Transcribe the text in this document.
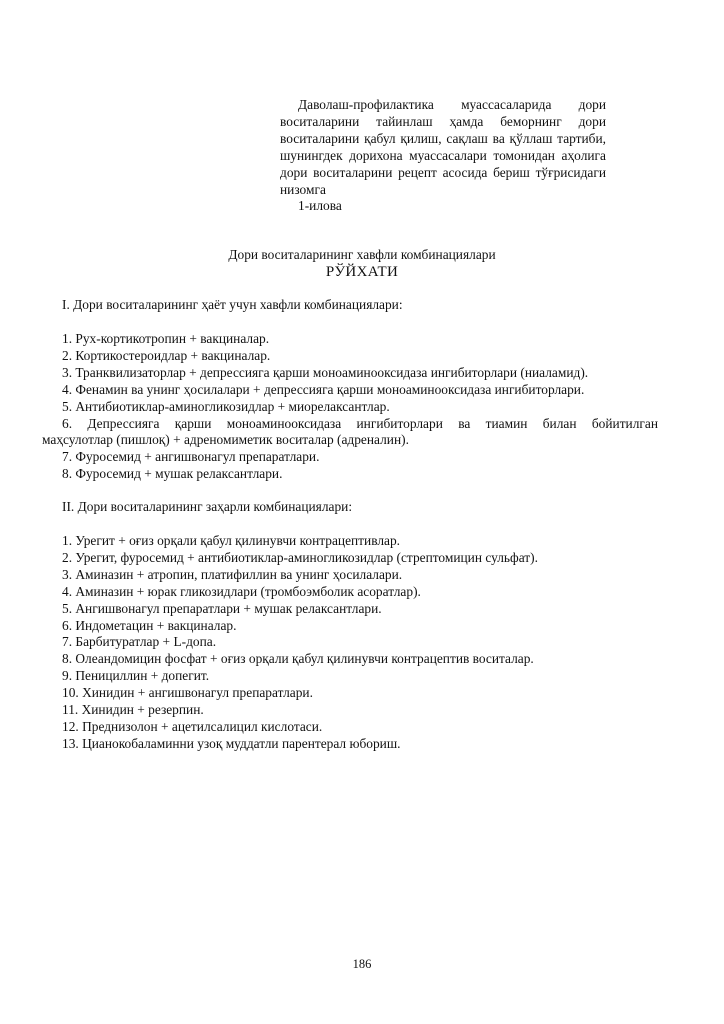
Даволаш-профилактика муассасаларида дори воситаларини тайинлаш ҳамда беморнинг дори воситаларини қабул қилиш, сақлаш ва қўллаш тартиби, шунингдек дорихона муассасалари томонидан аҳолига дори воситаларини рецепт асосида бериш тўғрисидаги низомга

1-илова

Дори воситаларининг хавфли комбинациялари

РЎЙХАТИ

I. Дори воситаларининг ҳаёт учун хавфли комбинациялари:

1. Рух-кортикотропин + вакциналар.
2. Кортикостероидлар + вакциналар.
3. Транквилизаторлар + депрессияга қарши моноаминооксидаза ингибиторлари (ниаламид).
4. Фенамин ва унинг ҳосилалари + депрессияга қарши моноаминооксидаза ингибиторлари.
5. Антибиотиклар-аминогликозидлар + миорелаксантлар.
6. Депрессияга қарши моноаминооксидаза ингибиторлари ва тиамин билан бойитилган
маҳсулотлар (пишлоқ) + адреномиметик воситалар (адреналин).
7. Фуросемид + ангишвонагул препаратлари.
8. Фуросемид + мушак релаксантлари.

II. Дори воситаларининг заҳарли комбинациялари:

1. Урегит + оғиз орқали қабул қилинувчи контрацептивлар.
2. Урегит, фуросемид + антибиотиклар-аминогликозидлар (стрептомицин сульфат).
3. Аминазин + атропин, платифиллин ва унинг ҳосилалари.
4. Аминазин + юрак гликозидлари (тромбоэмболик асоратлар).
5. Ангишвонагул препаратлари + мушак релаксантлари.
6. Индометацин + вакциналар.
7. Барбитуратлар + L-допа.
8. Олеандомицин фосфат + оғиз орқали қабул қилинувчи контрацептив воситалар.
9. Пенициллин + допегит.
10. Хинидин + ангишвонагул препаратлари.
11. Хинидин + резерпин.
12. Преднизолон + ацетилсалицил кислотаси.
13. Цианокобаламинни узоқ муддатли парентерал юбориш.

186
